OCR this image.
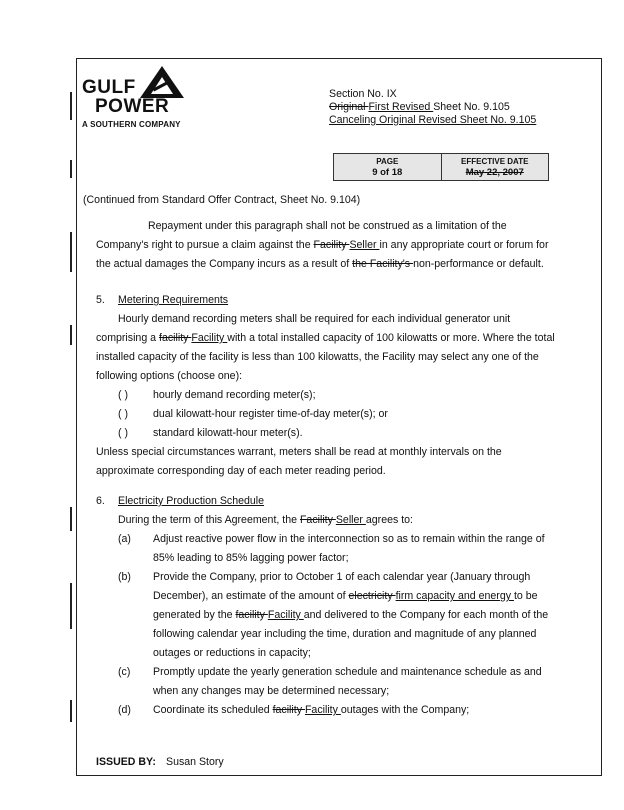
GULF
POWER
A SOUTHERN COMPANY
Section No. IX
Original First Revised Sheet No. 9.105
Canceling Original Revised Sheet No. 9.105
PAGE
9 of 18
EFFECTIVE DATE
May 22, 2007
(Continued from Standard Offer Contract, Sheet No. 9.104)
Repayment under this paragraph shall not be construed as a limitation of the
Company's right to pursue a claim against the Facility Seller in any appropriate court or forum for
the actual damages the Company incurs as a result of the Facility's non-performance or default.
5. Metering Requirements
Hourly demand recording meters shall be required for each individual generator unit
comprising a facility Facility with a total installed capacity of 100 kilowatts or more. Where the total
installed capacity of the facility is less than 100 kilowatts, the Facility may select any one of the
following options (choose one):
( ) hourly demand recording meter(s);
( ) dual kilowatt-hour register time-of-day meter(s); or
( ) standard kilowatt-hour meter(s).
Unless special circumstances warrant, meters shall be read at monthly intervals on the
approximate corresponding day of each meter reading period.
6. Electricity Production Schedule
During the term of this Agreement, the Facility Seller agrees to:
(a) Adjust reactive power flow in the interconnection so as to remain within the range of
85% leading to 85% lagging power factor;
(b) Provide the Company, prior to October 1 of each calendar year (January through
December), an estimate of the amount of electricity firm capacity and energy to be
generated by the facility Facility and delivered to the Company for each month of the
following calendar year including the time, duration and magnitude of any planned
outages or reductions in capacity;
(c) Promptly update the yearly generation schedule and maintenance schedule as and
when any changes may be determined necessary;
(d) Coordinate its scheduled facility Facility outages with the Company;
ISSUED BY: Susan Story
